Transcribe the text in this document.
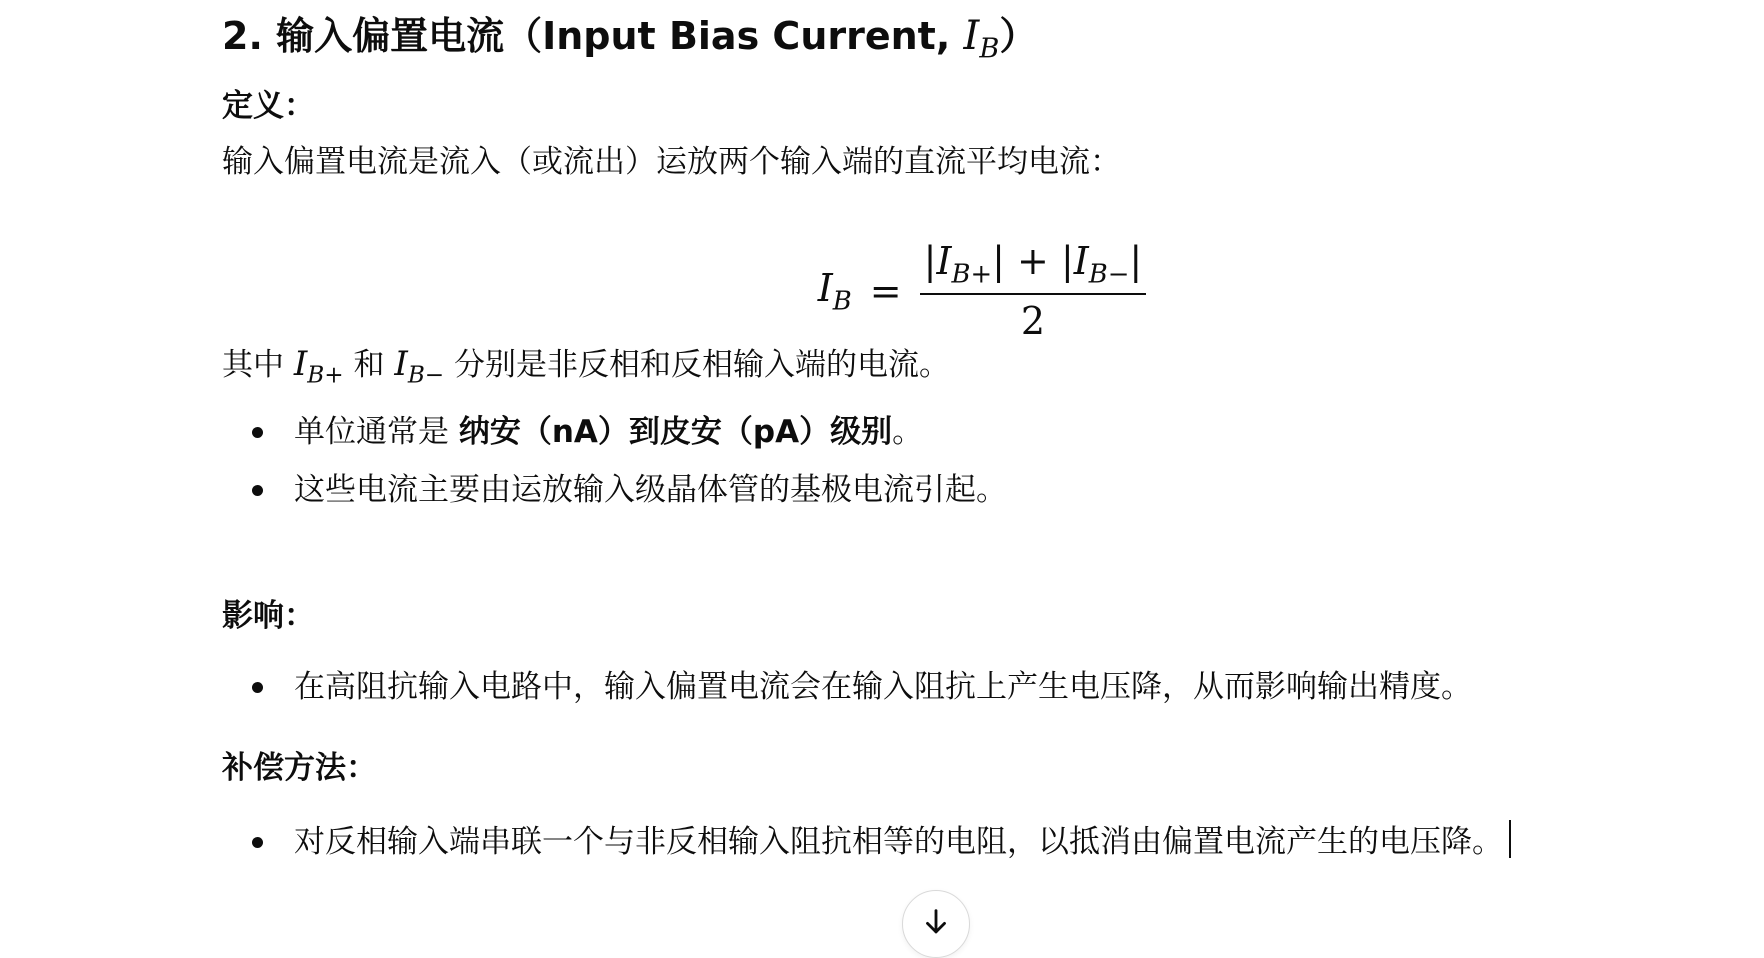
2. 输入偏置电流（Input Bias Current, $I_B$）
定义：
输入偏置电流是流入（或流出）运放两个输入端的直流平均电流：
$I_B = \frac{|I_{B+}| + |I_{B-}|}{2}$
其中 $I_{B+}$ 和 $I_{B-}$ 分别是非反相和反相输入端的电流。
单位通常是 纳安（nA）到皮安（pA）级别。
这些电流主要由运放输入级晶体管的基极电流引起。
影响：
在高阻抗输入电路中，输入偏置电流会在输入阻抗上产生电压降，从而影响输出精度。
补偿方法：
对反相输入端串联一个与非反相输入阻抗相等的电阻，以抵消由偏置电流产生的电压降。
